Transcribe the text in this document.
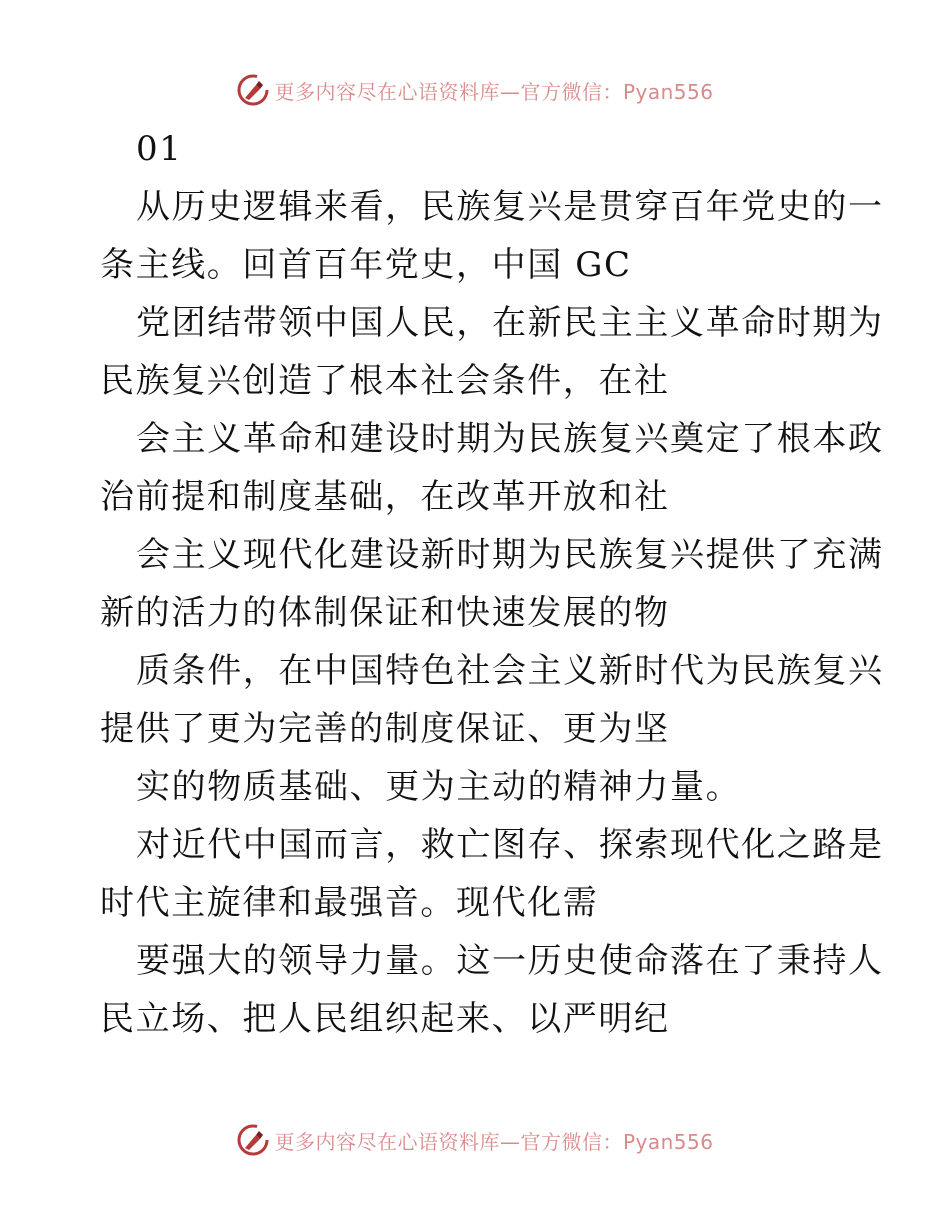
更多内容尽在心语资料库—官方微信：Pyan556
01
从历史逻辑来看，民族复兴是贯穿百年党史的一
条主线。回首百年党史，中国 GC
党团结带领中国人民，在新民主主义革命时期为
民族复兴创造了根本社会条件，在社
会主义革命和建设时期为民族复兴奠定了根本政
治前提和制度基础，在改革开放和社
会主义现代化建设新时期为民族复兴提供了充满
新的活力的体制保证和快速发展的物
质条件，在中国特色社会主义新时代为民族复兴
提供了更为完善的制度保证、更为坚
实的物质基础、更为主动的精神力量。
对近代中国而言，救亡图存、探索现代化之路是
时代主旋律和最强音。现代化需
要强大的领导力量。这一历史使命落在了秉持人
民立场、把人民组织起来、以严明纪
更多内容尽在心语资料库—官方微信：Pyan556
